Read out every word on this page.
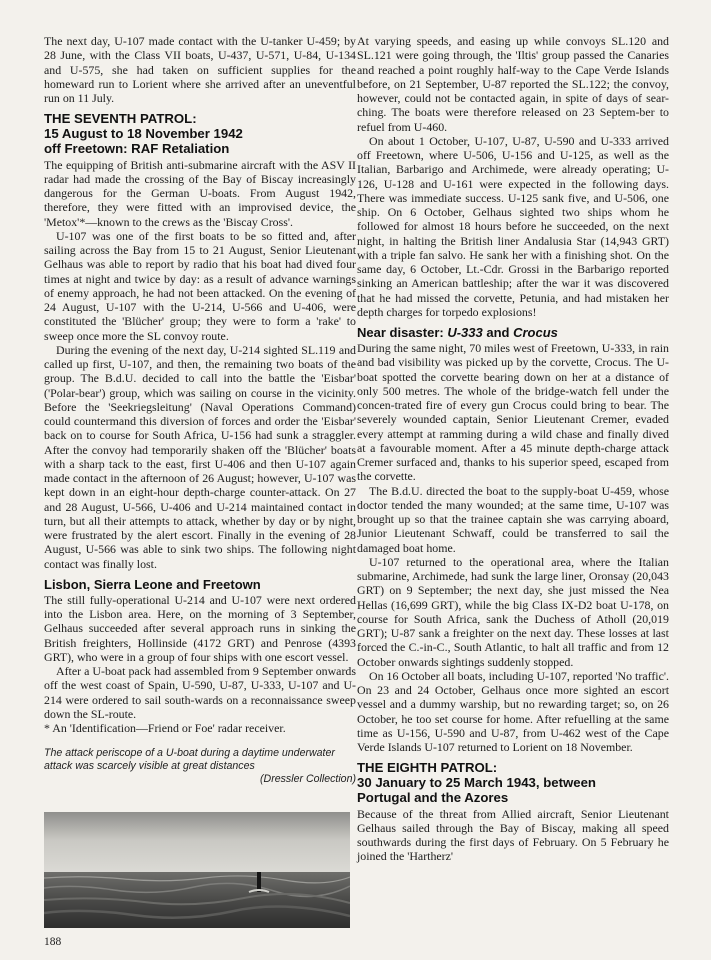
The next day, U-107 made contact with the U-tanker U-459; by 28 June, with the Class VII boats, U-437, U-571, U-84, U-134 and U-575, she had taken on sufficient supplies for the homeward run to Lorient where she arrived after an uneventful run on 11 July.

THE SEVENTH PATROL:
15 August to 18 November 1942
off Freetown: RAF Retaliation

The equipping of British anti-submarine aircraft with the ASV II radar had made the crossing of the Bay of Biscay increasingly dangerous for the German U-boats. From August 1942, therefore, they were fitted with an improvised device, the 'Metox'*—known to the crews as the 'Biscay Cross'.

U-107 was one of the first boats to be so fitted and, after sailing across the Bay from 15 to 21 August, Senior Lieutenant Gelhaus was able to report by radio that his boat had dived four times at night and twice by day: as a result of advance warnings of enemy approach, he had not been attacked. On the evening of 24 August, U-107 with the U-214, U-566 and U-406, were constituted the 'Blücher' group; they were to form a 'rake' to sweep once more the SL convoy route.

During the evening of the next day, U-214 sighted SL.119 and called up first, U-107, and then, the remaining two boats of the group. The B.d.U. decided to call into the battle the 'Eisbar' ('Polar-bear') group, which was sailing on course in the vicinity. Before the 'Seekriegsleitung' (Naval Operations Command) could countermand this diversion of forces and order the 'Eisbar' back on to course for South Africa, U-156 had sunk a straggler. After the convoy had temporarily shaken off the 'Blücher' boats with a sharp tack to the east, first U-406 and then U-107 again made contact in the afternoon of 26 August; however, U-107 was kept down in an eight-hour depth-charge counter-attack. On 27 and 28 August, U-566, U-406 and U-214 maintained contact in turn, but all their attempts to attack, whether by day or by night, were frustrated by the alert escort. Finally in the evening of 28 August, U-566 was able to sink two ships. The following night contact was finally lost.

Lisbon, Sierra Leone and Freetown

The still fully-operational U-214 and U-107 were next ordered into the Lisbon area. Here, on the morning of 3 September, Gelhaus succeeded after several approach runs in sinking the British freighters, Hollinside (4172 GRT) and Penrose (4393 GRT), who were in a group of four ships with one escort vessel.

After a U-boat pack had assembled from 9 September onwards off the west coast of Spain, U-590, U-87, U-333, U-107 and U-214 were ordered to sail south-wards on a reconnaissance sweep down the SL-route.

* An 'Identification—Friend or Foe' radar receiver.

The attack periscope of a U-boat during a daytime underwater attack was scarcely visible at great distances
(Dressler Collection)

At varying speeds, and easing up while convoys SL.120 and SL.121 were going through, the 'Iltis' group passed the Canaries and reached a point roughly half-way to the Cape Verde Islands before, on 21 September, U-87 reported the SL.122; the convoy, however, could not be contacted again, in spite of days of sear-ching. The boats were therefore released on 23 Septem-ber to refuel from U-460.

On about 1 October, U-107, U-87, U-590 and U-333 arrived off Freetown, where U-506, U-156 and U-125, as well as the Italian, Barbarigo and Archimede, were already operating; U-126, U-128 and U-161 were expected in the following days. There was immediate success. U-125 sank five, and U-506, one ship. On 6 October, Gelhaus sighted two ships whom he followed for almost 18 hours before he succeeded, on the next night, in halting the British liner Andalusia Star (14,943 GRT) with a triple fan salvo. He sank her with a finishing shot. On the same day, 6 October, Lt.-Cdr. Grossi in the Barbarigo reported sinking an American battleship; after the war it was discovered that he had missed the corvette, Petunia, and had mistaken her depth charges for torpedo explosions!

Near disaster: U-333 and Crocus

During the same night, 70 miles west of Freetown, U-333, in rain and bad visibility was picked up by the corvette, Crocus. The U-boat spotted the corvette bearing down on her at a distance of only 500 metres. The whole of the bridge-watch fell under the concen-trated fire of every gun Crocus could bring to bear. The severely wounded captain, Senior Lieutenant Cremer, evaded every attempt at ramming during a wild chase and finally dived at a favourable moment. After a 45 minute depth-charge attack Cremer surfaced and, thanks to his superior speed, escaped from the corvette.

The B.d.U. directed the boat to the supply-boat U-459, whose doctor tended the many wounded; at the same time, U-107 was brought up so that the trainee captain she was carrying aboard, Junior Lieutenant Schwaff, could be transferred to sail the damaged boat home.

U-107 returned to the operational area, where the Italian submarine, Archimede, had sunk the large liner, Oronsay (20,043 GRT) on 9 September; the next day, she just missed the Nea Hellas (16,699 GRT), while the big Class IX-D2 boat U-178, on course for South Africa, sank the Duchess of Atholl (20,019 GRT); U-87 sank a freighter on the next day. These losses at last forced the C.-in-C., South Atlantic, to halt all traffic and from 12 October onwards sightings suddenly stopped.

On 16 October all boats, including U-107, reported 'No traffic'. On 23 and 24 October, Gelhaus once more sighted an escort vessel and a dummy warship, but no rewarding target; so, on 26 October, he too set course for home. After refuelling at the same time as U-156, U-590 and U-87, from U-462 west of the Cape Verde Islands U-107 returned to Lorient on 18 November.

THE EIGHTH PATROL:
30 January to 25 March 1943, between
Portugal and the Azores

Because of the threat from Allied aircraft, Senior Lieutenant Gelhaus sailed through the Bay of Biscay, making all speed southwards during the first days of February. On 5 February he joined the 'Hartherz'

188
